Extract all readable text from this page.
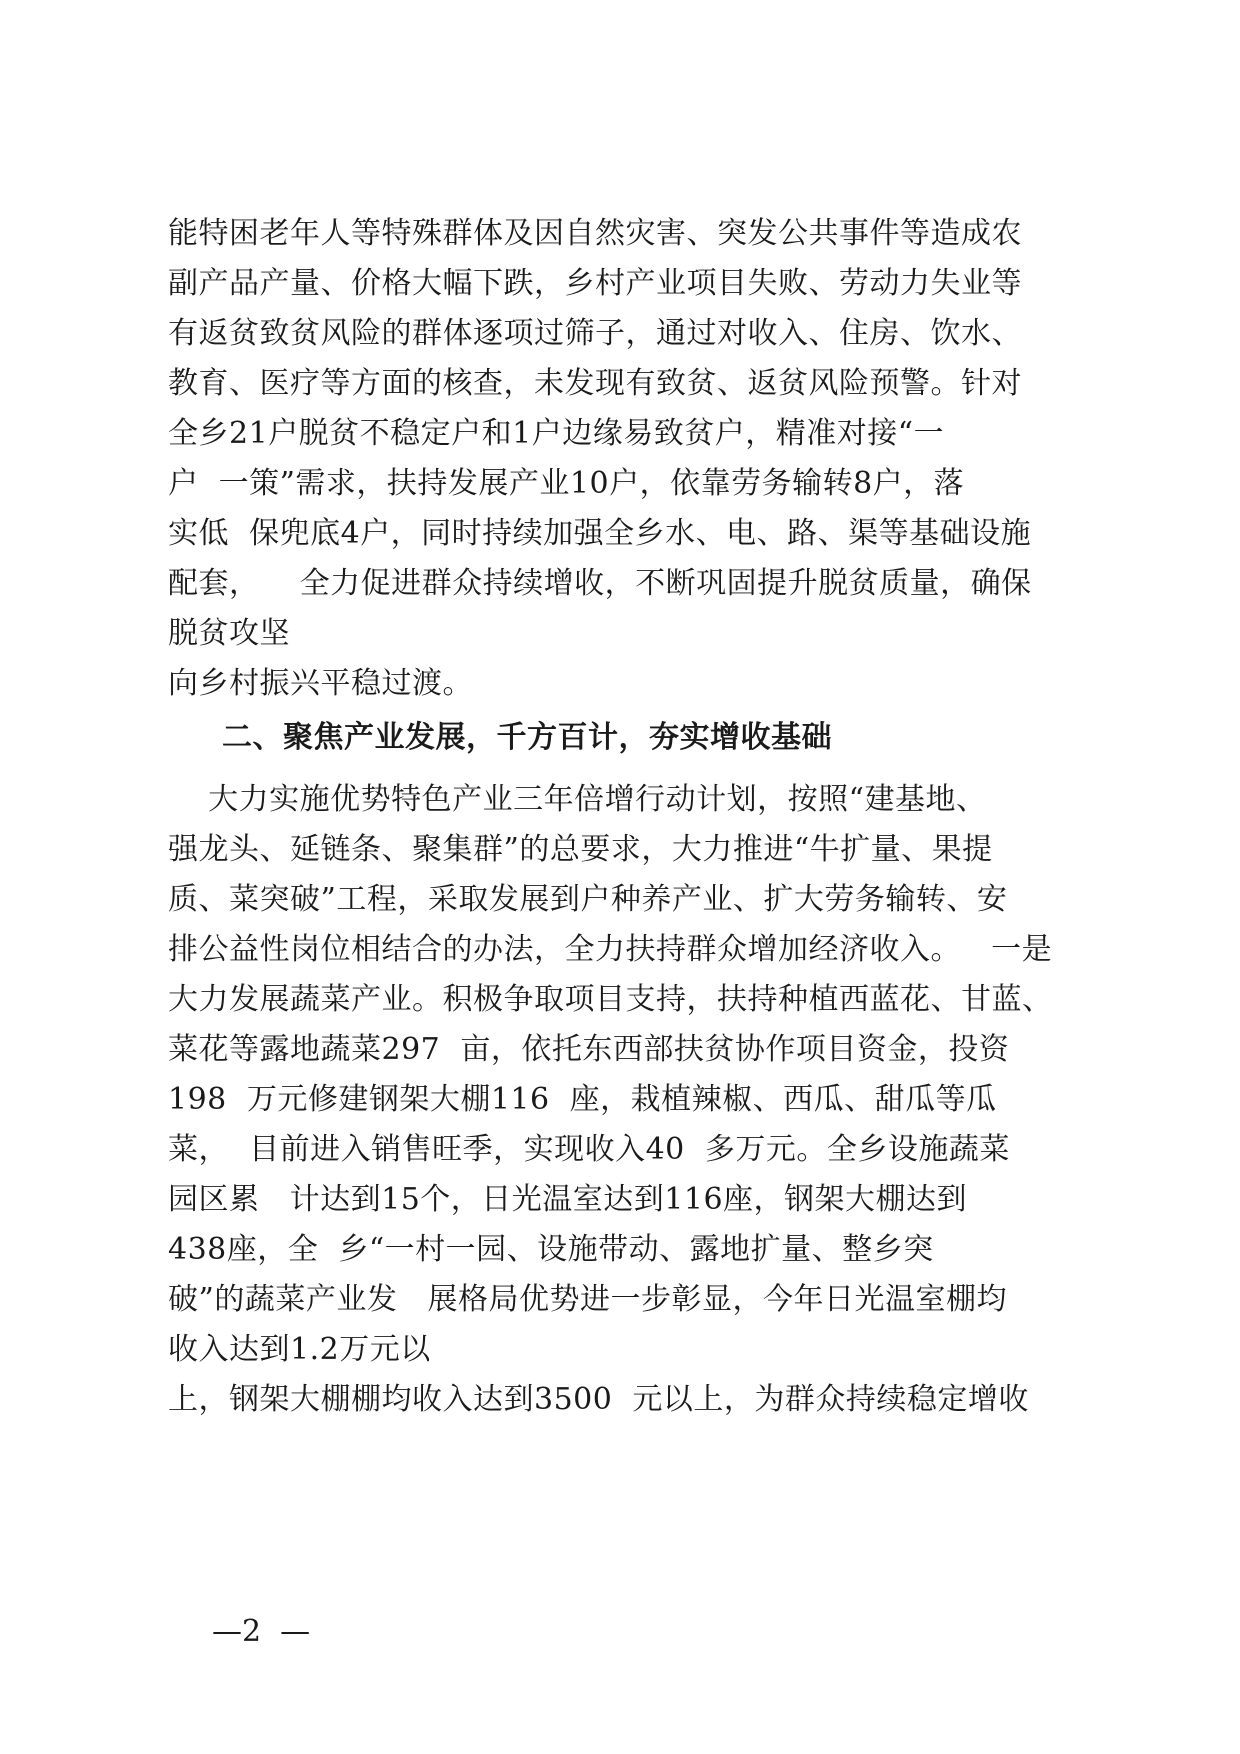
能特困老年人等特殊群体及因自然灾害、突发公共事件等造成农
副产品产量、价格大幅下跌，乡村产业项目失败、劳动力失业等
有返贫致贫风险的群体逐项过筛子，通过对收入、住房、饮水、
教育、医疗等方面的核查，未发现有致贫、返贫风险预警。针对
全乡21户脱贫不稳定户和1户边缘易致贫户，精准对接“一
户  一策”需求，扶持发展产业10户，依靠劳务输转8户，落
实低  保兜底4户，同时持续加强全乡水、电、路、渠等基础设施
配套，    全力促进群众持续增收，不断巩固提升脱贫质量，确保
脱贫攻坚
向乡村振兴平稳过渡。
二、聚焦产业发展，千方百计，夯实增收基础
大力实施优势特色产业三年倍增行动计划，按照“建基地、
强龙头、延链条、聚集群”的总要求，大力推进“牛扩量、果提
质、菜突破”工程，采取发展到户种养产业、扩大劳务输转、安
排公益性岗位相结合的办法，全力扶持群众增加经济收入。   一是
大力发展蔬菜产业。积极争取项目支持，扶持种植西蓝花、甘蓝、
菜花等露地蔬菜297  亩，依托东西部扶贫协作项目资金，投资
198  万元修建钢架大棚116  座，栽植辣椒、西瓜、甜瓜等瓜
菜，  目前进入销售旺季，实现收入40  多万元。全乡设施蔬菜
园区累   计达到15个，日光温室达到116座，钢架大棚达到
438座，全  乡“一村一园、设施带动、露地扩量、整乡突
破”的蔬菜产业发   展格局优势进一步彰显，今年日光温室棚均
收入达到1.2万元以
上，钢架大棚棚均收入达到3500  元以上，为群众持续稳定增收
—2  —
